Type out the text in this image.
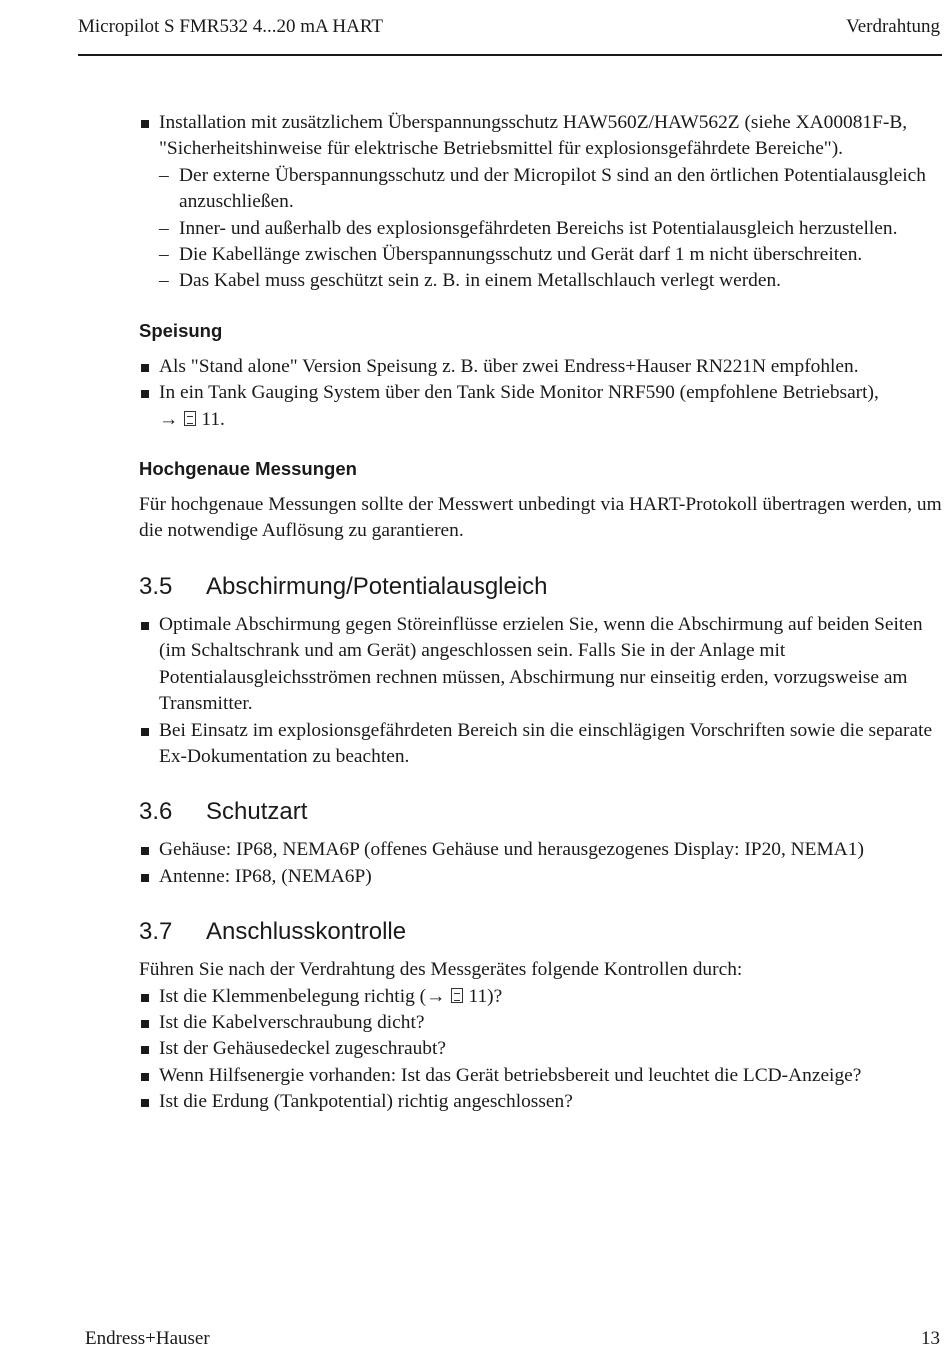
Micropilot S FMR532 4...20 mA HART	Verdrahtung
Installation mit zusätzlichem Überspannungsschutz HAW560Z/HAW562Z (siehe XA00081F-B, "Sicherheitshinweise für elektrische Betriebsmittel für explosionsgefährdete Bereiche").
– Der externe Überspannungsschutz und der Micropilot S sind an den örtlichen Potentialausgleich anzuschließen.
– Inner- und außerhalb des explosionsgefährdeten Bereichs ist Potentialausgleich herzustellen.
– Die Kabellänge zwischen Überspannungsschutz und Gerät darf 1 m nicht überschreiten.
– Das Kabel muss geschützt sein z. B. in einem Metallschlauch verlegt werden.
Speisung
Als "Stand alone" Version Speisung z. B. über zwei Endress+Hauser RN221N empfohlen.
In ein Tank Gauging System über den Tank Side Monitor NRF590 (empfohlene Betriebsart),
→ 11.
Hochgenaue Messungen

Für hochgenaue Messungen sollte der Messwert unbedingt via HART-Protokoll übertragen werden, um die notwendige Auflösung zu garantieren.

3.5	Abschirmung/Potentialausgleich
Optimale Abschirmung gegen Störeinflüsse erzielen Sie, wenn die Abschirmung auf beiden Seiten (im Schaltschrank und am Gerät) angeschlossen sein. Falls Sie in der Anlage mit Potentialausgleichsströmen rechnen müssen, Abschirmung nur einseitig erden, vorzugsweise am Transmitter.
Bei Einsatz im explosionsgefährdeten Bereich sin die einschlägigen Vorschriften sowie die separate Ex-Dokumentation zu beachten.
3.6	Schutzart
Gehäuse: IP68, NEMA6P (offenes Gehäuse und herausgezogenes Display: IP20, NEMA1)
Antenne: IP68, (NEMA6P)
3.7	Anschlusskontrolle

Führen Sie nach der Verdrahtung des Messgerätes folgende Kontrollen durch:

Ist die Klemmenbelegung richtig (→ 11)?
Ist die Kabelverschraubung dicht?
Ist der Gehäusedeckel zugeschraubt?
Wenn Hilfsenergie vorhanden: Ist das Gerät betriebsbereit und leuchtet die LCD-Anzeige?
Ist die Erdung (Tankpotential) richtig angeschlossen?
Endress+Hauser	13
